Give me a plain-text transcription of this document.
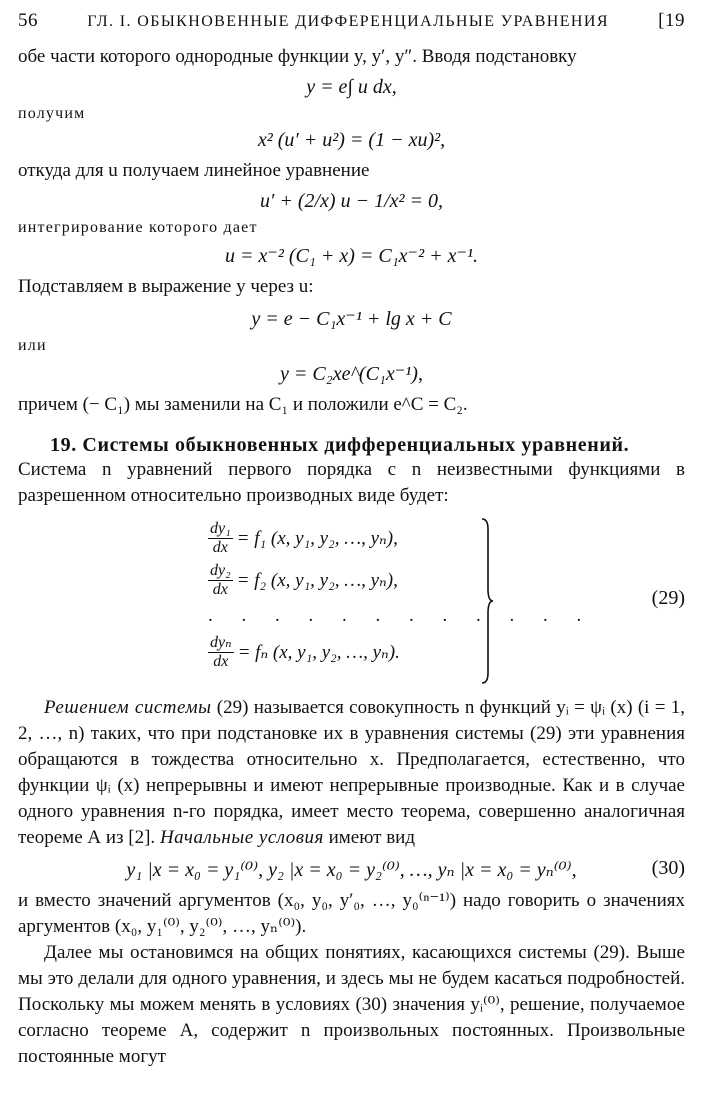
56	ГЛ. I. ОБЫКНОВЕННЫЕ ДИФФЕРЕНЦИАЛЬНЫЕ УРАВНЕНИЯ	[19

обе части которого однородные функции y, y′, y″. Вводя подстановку

y = e∫ u dx,

получим

x² (u′ + u²) = (1 − xu)²,

откуда для u получаем линейное уравнение

u′ + (2/x) u − 1/x² = 0,

интегрирование которого дает

u = x⁻² (C₁ + x) = C₁x⁻² + x⁻¹.

Подставляем в выражение y через u:

y = e − C₁x⁻¹ + lg x + C

или

y = C₂xe^(C₁x⁻¹),

причем (− C₁) мы заменили на C₁ и положили e^C = C₂.

19. Системы обыкновенных дифференциальных уравнений.

Система n уравнений первого порядка с n неизвестными функциями в разрешенном относительно производных виде будет:

$\frac{\text{dy₁}}{dx} = f_1$ (x, y₁, y₂, …, yₙ),
$\frac{\text{dy₂}}{dx} = f_2$ (x, y₁, y₂, …, yₙ),
. . . . . . . . . . . .
$\frac{\text{dyₙ}}{dx} = f_n$ (x, y₁, y₂, …, yₙ).
(29)

Решением системы (29) называется совокупность n функций yᵢ = ψᵢ (x) (i = 1, 2, …, n) таких, что при подстановке их в уравнения системы (29) эти уравнения обращаются в тождества относительно x. Предполагается, естественно, что функции ψᵢ (x) непрерывны и имеют непрерывные производные. Как и в случае одного уравнения n-го порядка, имеет место теорема, совершенно аналогичная теореме А из [2]. Начальные условия имеют вид

y₁ |x = x₀ = y₁⁽⁰⁾, y₂ |x = x₀ = y₂⁽⁰⁾, …, yₙ |x = x₀ = yₙ⁽⁰⁾,	(30)

и вместо значений аргументов (x₀, y₀, y′₀, …, y₀⁽ⁿ⁻¹⁾) надо говорить о значениях аргументов (x₀, y₁⁽⁰⁾, y₂⁽⁰⁾, …, yₙ⁽⁰⁾).

Далее мы остановимся на общих понятиях, касающихся системы (29). Выше мы это делали для одного уравнения, и здесь мы не будем касаться подробностей. Поскольку мы можем менять в условиях (30) значения yᵢ⁽⁰⁾, решение, получаемое согласно теореме А, содержит n произвольных постоянных. Произвольные постоянные могут
